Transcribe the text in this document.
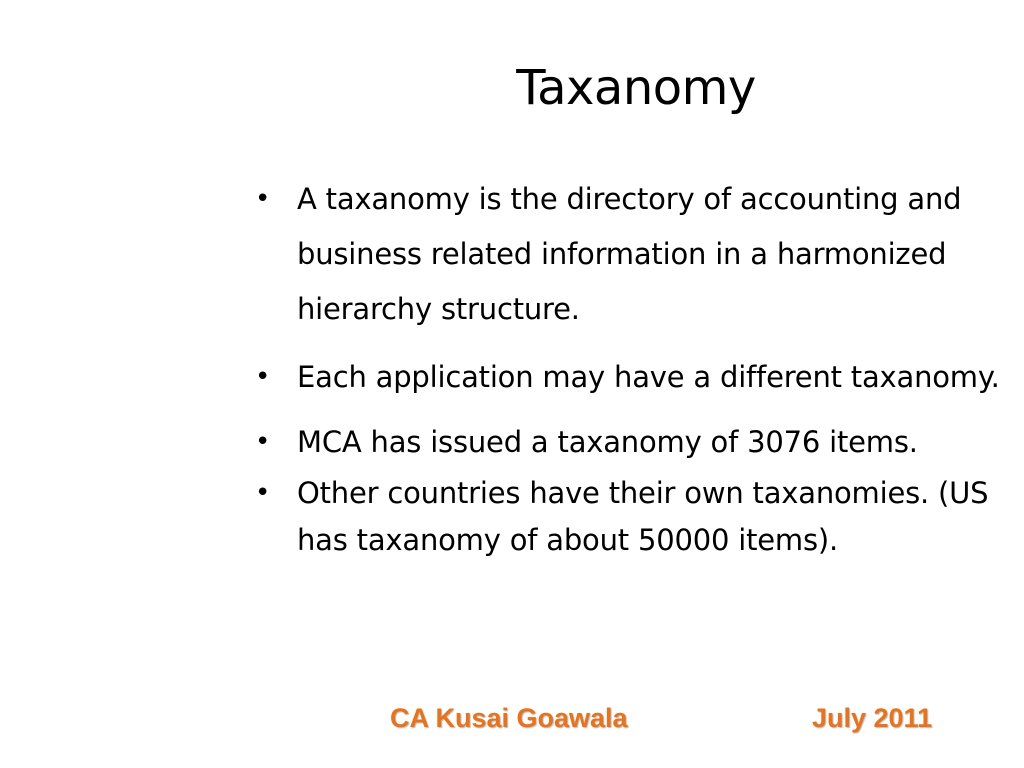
Taxanomy
• A taxanomy is the directory of accounting and business related information in a harmonized hierarchy structure.
• Each application may have a different taxanomy.
• MCA has issued a taxanomy of 3076 items.
• Other countries have their own taxanomies. (US has taxanomy of about 50000 items).
CA Kusai Goawala	July 2011
